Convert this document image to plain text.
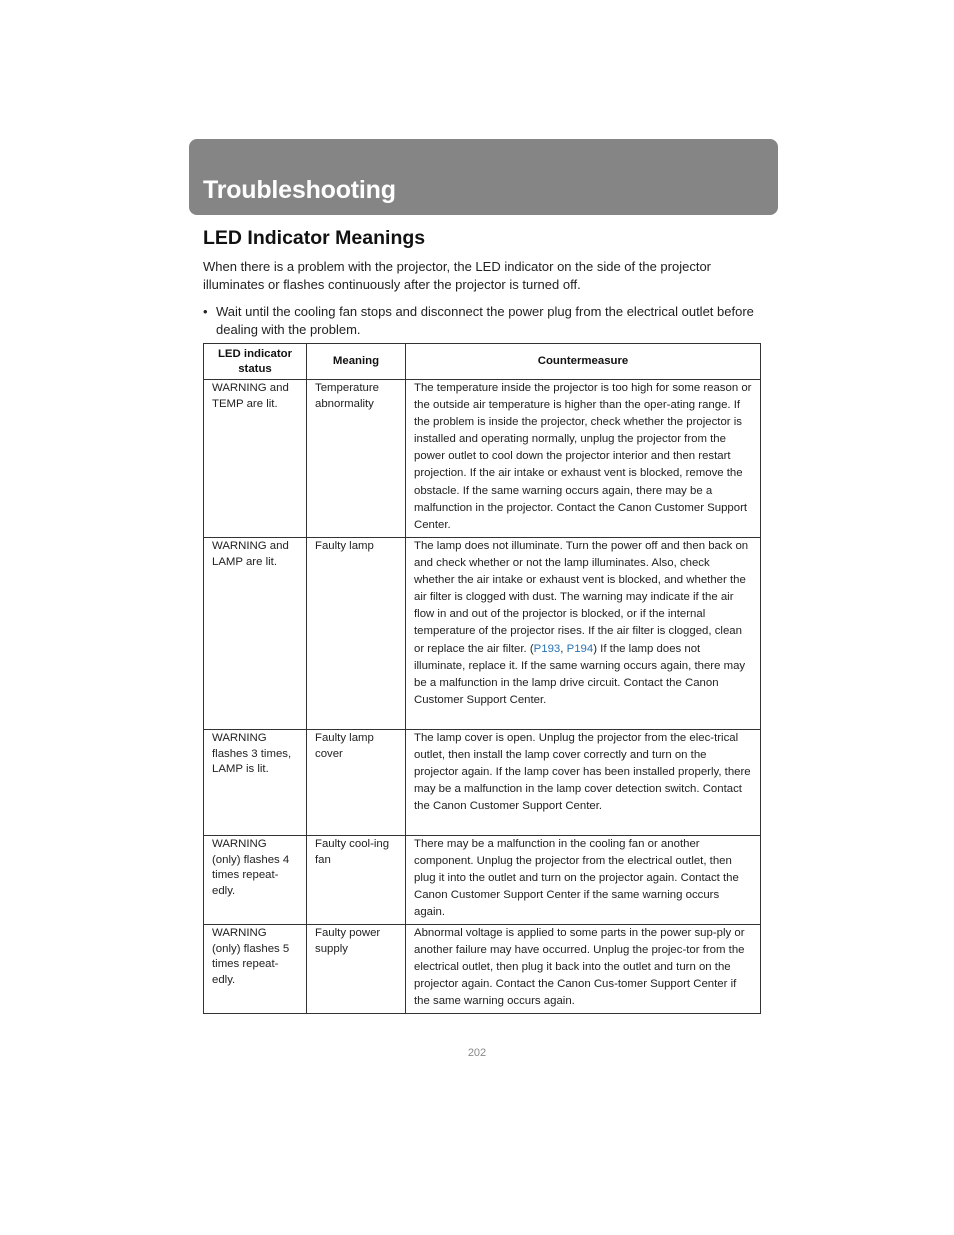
Troubleshooting
LED Indicator Meanings

When there is a problem with the projector, the LED indicator on the side of the projector illuminates or flashes continuously after the projector is turned off.

• Wait until the cooling fan stops and disconnect the power plug from the electrical outlet before dealing with the problem.
LED indicator status	Meaning	Countermeasure
WARNING and TEMP are lit.	Temperature abnormality	The temperature inside the projector is too high for some reason or the outside air temperature is higher than the oper-ating range. If the problem is inside the projector, check whether the projector is installed and operating normally, unplug the projector from the power outlet to cool down the projector interior and then restart projection. If the air intake or exhaust vent is blocked, remove the obstacle. If the same warning occurs again, there may be a malfunction in the projector. Contact the Canon Customer Support Center.
WARNING and LAMP are lit.	Faulty lamp	The lamp does not illuminate. Turn the power off and then back on and check whether or not the lamp illuminates. Also, check whether the air intake or exhaust vent is blocked, and whether the air filter is clogged with dust. The warning may indicate if the air flow in and out of the projector is blocked, or if the internal temperature of the projector rises. If the air filter is clogged, clean or replace the air filter. (P193, P194) If the lamp does not illuminate, replace it. If the same warning occurs again, there may be a malfunction in the lamp drive circuit. Contact the Canon Customer Support Center.
WARNING flashes 3 times, LAMP is lit.	Faulty lamp cover	The lamp cover is open. Unplug the projector from the elec-trical outlet, then install the lamp cover correctly and turn on the projector again. If the lamp cover has been installed properly, there may be a malfunction in the lamp cover detection switch. Contact the Canon Customer Support Center.
WARNING (only) flashes 4 times repeat-edly.	Faulty cool-ing fan	There may be a malfunction in the cooling fan or another component. Unplug the projector from the electrical outlet, then plug it into the outlet and turn on the projector again. Contact the Canon Customer Support Center if the same warning occurs again.
WARNING (only) flashes 5 times repeat-edly.	Faulty power supply	Abnormal voltage is applied to some parts in the power sup-ply or another failure may have occurred. Unplug the projec-tor from the electrical outlet, then plug it back into the outlet and turn on the projector again. Contact the Canon Cus-tomer Support Center if the same warning occurs again.

202
